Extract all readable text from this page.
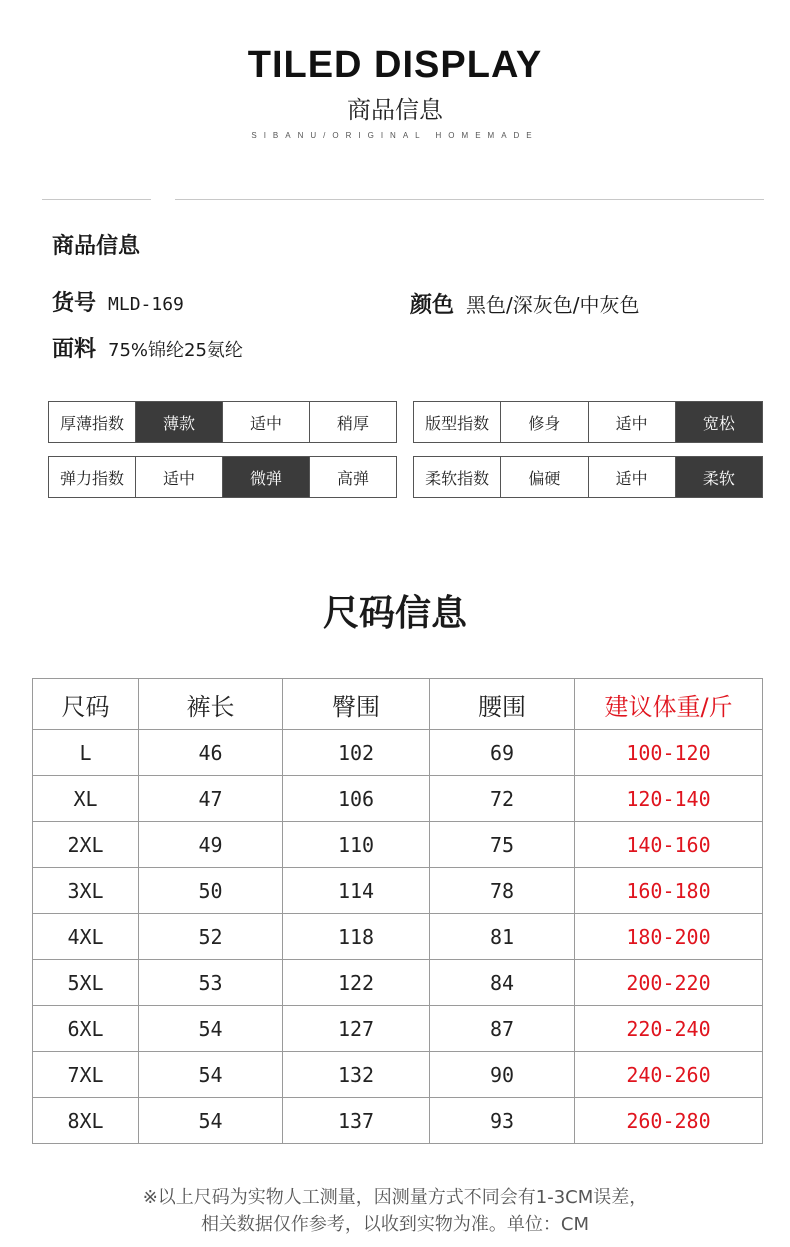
TILED DISPLAY
商品信息
SIBANU/ORIGINAL HOMEMADE
商品信息
货号 MLD-169	颜色 黑色/深灰色/中灰色
面料 75%锦纶25氨纶
厚薄指数	薄款	适中	稍厚	版型指数	修身	适中	宽松
弹力指数	适中	微弹	高弹	柔软指数	偏硬	适中	柔软
尺码信息
尺码	裤长	臀围	腰围	建议体重/斤
L	46	102	69	100-120
XL	47	106	72	120-140
2XL	49	110	75	140-160
3XL	50	114	78	160-180
4XL	52	118	81	180-200
5XL	53	122	84	200-220
6XL	54	127	87	220-240
7XL	54	132	90	240-260
8XL	54	137	93	260-280
※以上尺码为实物人工测量，因测量方式不同会有1-3CM误差，
相关数据仅作参考，以收到实物为准。单位：CM
